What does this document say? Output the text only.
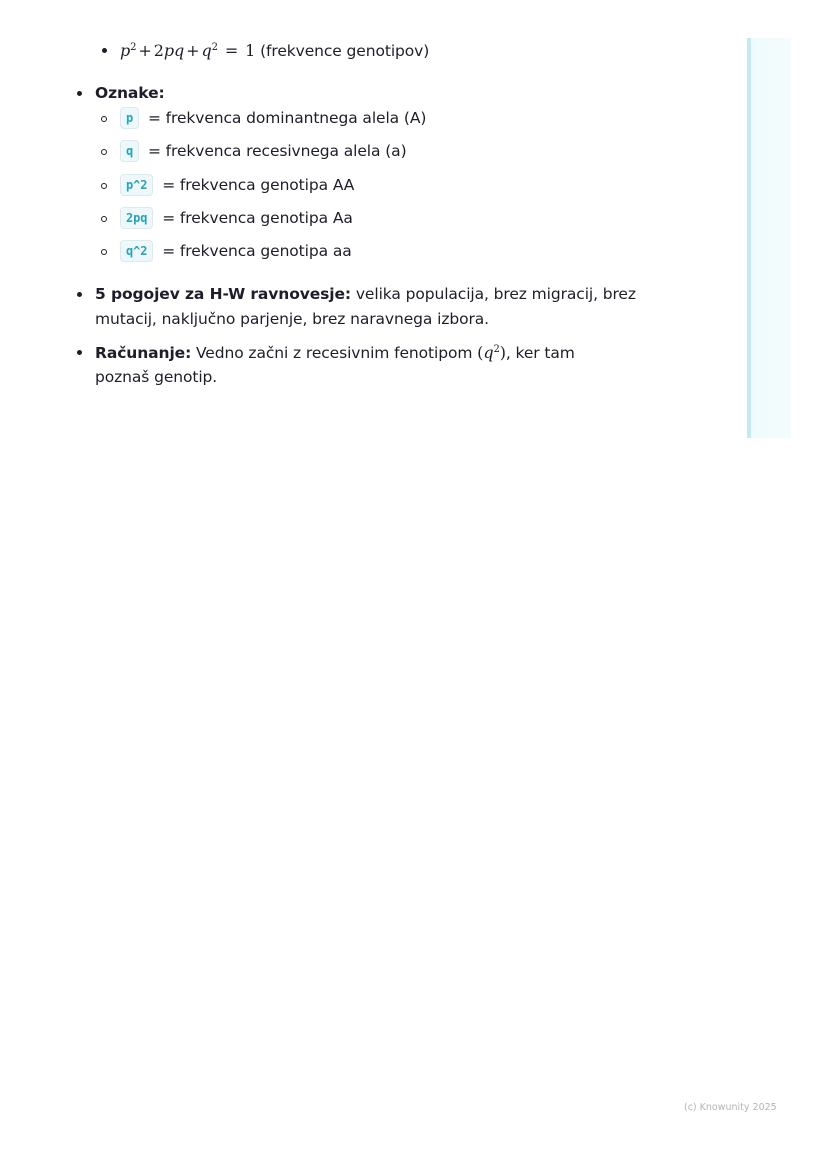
$p^2 + 2pq + q^2 = 1$ (frekvence genotipov)
Oznake:
p = frekvenca dominantnega alela (A)
q = frekvenca recesivnega alela (a)
p^2 = frekvenca genotipa AA
2pq = frekvenca genotipa Aa
q^2 = frekvenca genotipa aa
5 pogojev za H-W ravnovesje: velika populacija, brez migracij, brez
mutacij, naključno parjenje, brez naravnega izbora.
Računanje: Vedno začni z recesivnim fenotipom $(q^2)$, ker tam
poznaš genotip.
(c) Knowunity 2025
